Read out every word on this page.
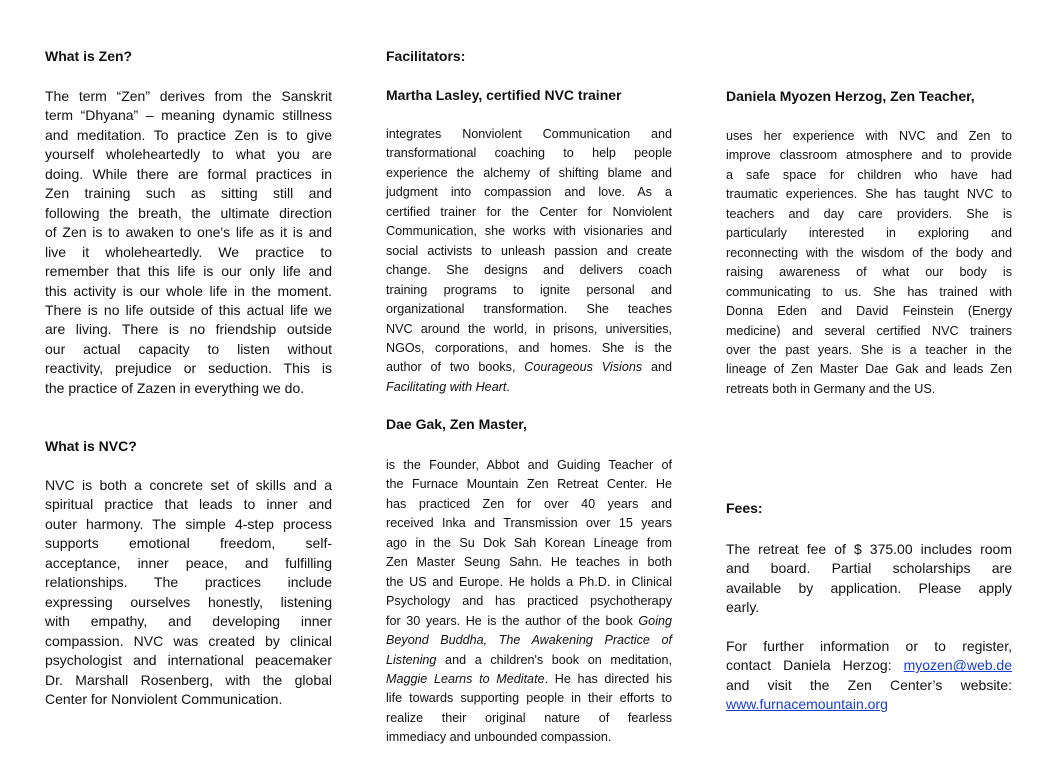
What is Zen?
The term “Zen” derives from the Sanskrit
term “Dhyana” – meaning dynamic stillness
and meditation. To practice Zen is to give
yourself wholeheartedly to what you are
doing. While there are formal practices in
Zen training such as sitting still and
following the breath, the ultimate direction
of Zen is to awaken to one's life as it is and
live it wholeheartedly. We practice to
remember that this life is our only life and
this activity is our whole life in the moment.
There is no life outside of this actual life we
are living. There is no friendship outside
our actual capacity to listen without
reactivity, prejudice or seduction. This is
the practice of Zazen in everything we do.
What is NVC?
NVC is both a concrete set of skills and a
spiritual practice that leads to inner and
outer harmony. The simple 4-step process
supports emotional freedom, self-
acceptance, inner peace, and fulfilling
relationships. The practices include
expressing ourselves honestly, listening
with empathy, and developing inner
compassion. NVC was created by clinical
psychologist and international peacemaker
Dr. Marshall Rosenberg, with the global
Center for Nonviolent Communication.
Facilitators:
Martha Lasley, certified NVC trainer
integrates Nonviolent Communication and
transformational coaching to help people
experience the alchemy of shifting blame and
judgment into compassion and love. As a
certified trainer for the Center for Nonviolent
Communication, she works with visionaries and
social activists to unleash passion and create
change. She designs and delivers coach
training programs to ignite personal and
organizational transformation. She teaches
NVC around the world, in prisons, universities,
NGOs, corporations, and homes. She is the
author of two books, Courageous Visions and
Facilitating with Heart.
Dae Gak, Zen Master,
is the Founder, Abbot and Guiding Teacher of
the Furnace Mountain Zen Retreat Center. He
has practiced Zen for over 40 years and
received Inka and Transmission over 15 years
ago in the Su Dok Sah Korean Lineage from
Zen Master Seung Sahn. He teaches in both
the US and Europe. He holds a Ph.D. in Clinical
Psychology and has practiced psychotherapy
for 30 years. He is the author of the book Going
Beyond Buddha, The Awakening Practice of
Listening and a children's book on meditation,
Maggie Learns to Meditate. He has directed his
life towards supporting people in their efforts to
realize their original nature of fearless
immediacy and unbounded compassion.
Daniela Myozen Herzog, Zen Teacher,
uses her experience with NVC and Zen to
improve classroom atmosphere and to provide
a safe space for children who have had
traumatic experiences. She has taught NVC to
teachers and day care providers. She is
particularly interested in exploring and
reconnecting with the wisdom of the body and
raising awareness of what our body is
communicating to us. She has trained with
Donna Eden and David Feinstein (Energy
medicine) and several certified NVC trainers
over the past years. She is a teacher in the
lineage of Zen Master Dae Gak and leads Zen
retreats both in Germany and the US.
Fees:
The retreat fee of $ 375.00 includes room
and board. Partial scholarships are
available by application. Please apply
early.
For further information or to register,
contact Daniela Herzog: myozen@web.de
and visit the Zen Center’s website:
www.furnacemountain.org
